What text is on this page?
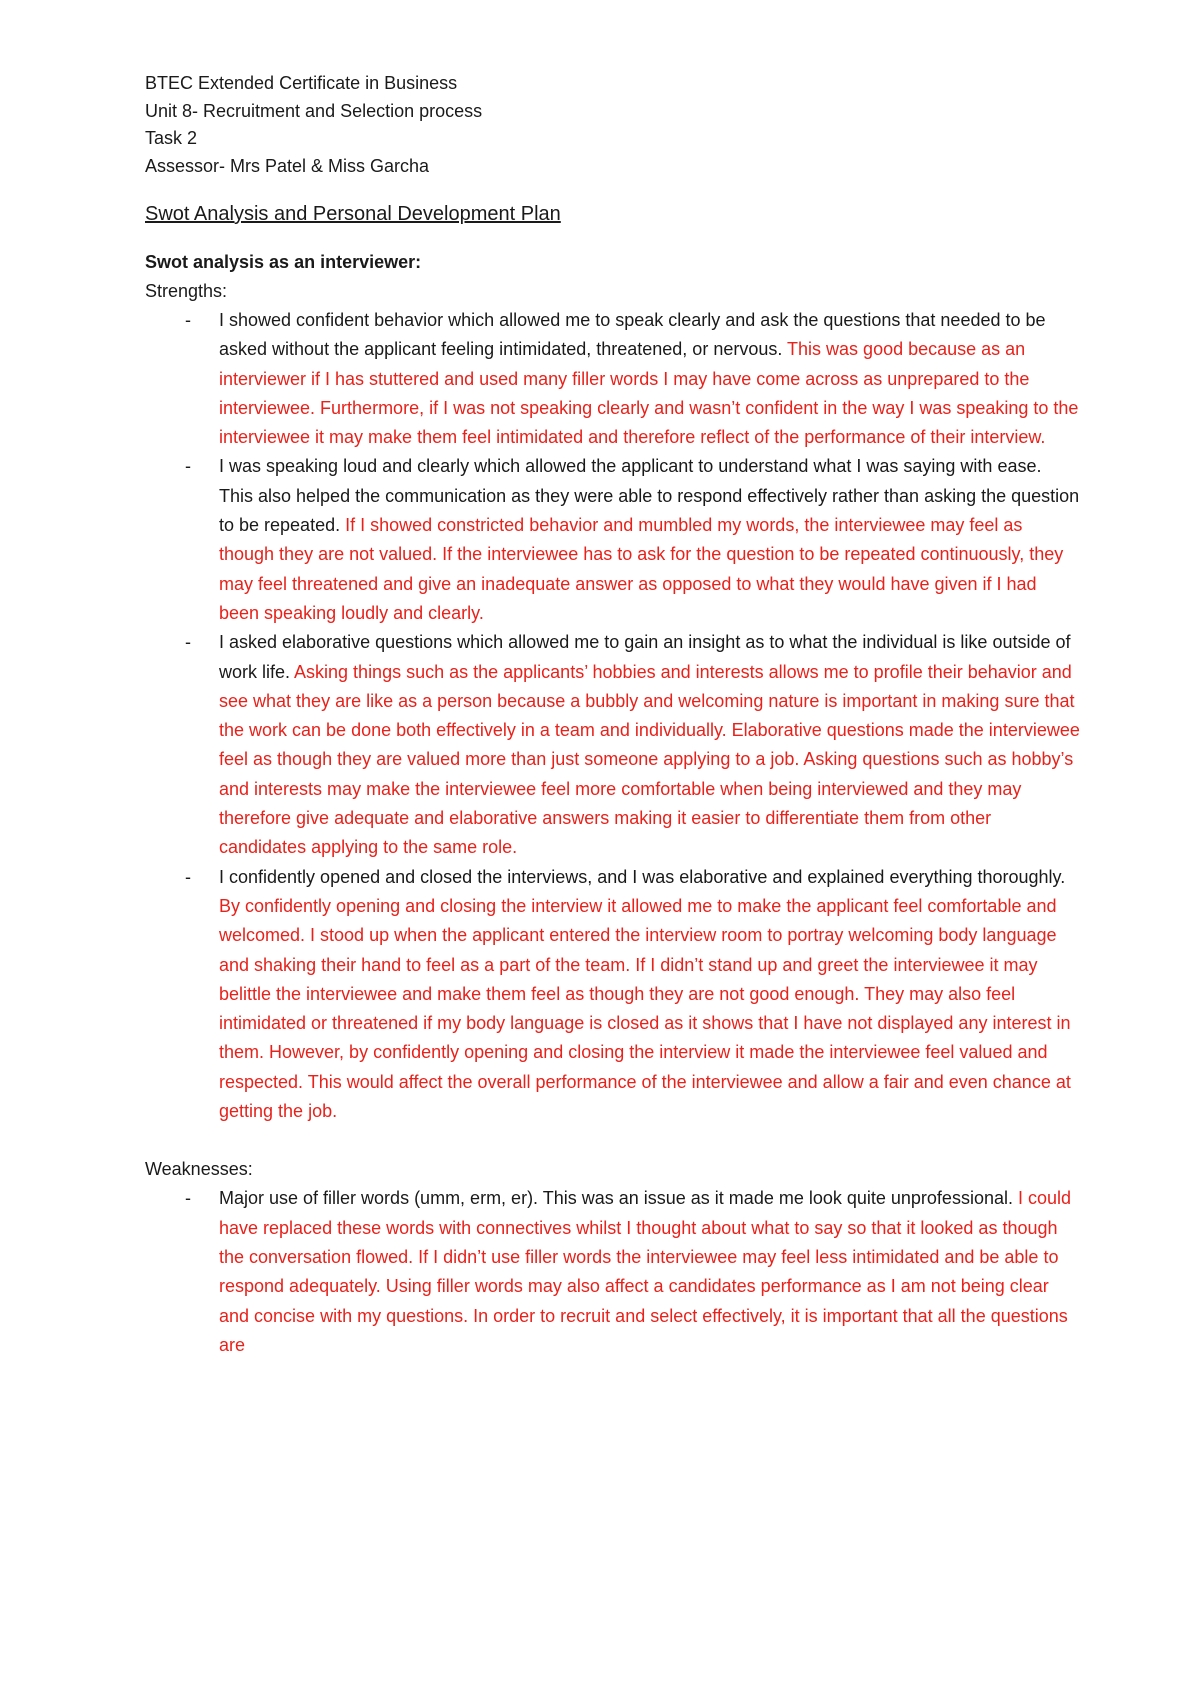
BTEC Extended Certificate in Business

Unit 8- Recruitment and Selection process

Task 2

Assessor- Mrs Patel & Miss Garcha

Swot Analysis and Personal Development Plan

Swot analysis as an interviewer:

Strengths:

- I showed confident behavior which allowed me to speak clearly and ask the questions that needed to be asked without the applicant feeling intimidated, threatened, or nervous. This was good because as an interviewer if I has stuttered and used many filler words I may have come across as unprepared to the interviewee. Furthermore, if I was not speaking clearly and wasn’t confident in the way I was speaking to the interviewee it may make them feel intimidated and therefore reflect of the performance of their interview.
- I was speaking loud and clearly which allowed the applicant to understand what I was saying with ease. This also helped the communication as they were able to respond effectively rather than asking the question to be repeated. If I showed constricted behavior and mumbled my words, the interviewee may feel as though they are not valued. If the interviewee has to ask for the question to be repeated continuously, they may feel threatened and give an inadequate answer as opposed to what they would have given if I had been speaking loudly and clearly.
- I asked elaborative questions which allowed me to gain an insight as to what the individual is like outside of work life. Asking things such as the applicants’ hobbies and interests allows me to profile their behavior and see what they are like as a person because a bubbly and welcoming nature is important in making sure that the work can be done both effectively in a team and individually. Elaborative questions made the interviewee feel as though they are valued more than just someone applying to a job. Asking questions such as hobby’s and interests may make the interviewee feel more comfortable when being interviewed and they may therefore give adequate and elaborative answers making it easier to differentiate them from other candidates applying to the same role.
- I confidently opened and closed the interviews, and I was elaborative and explained everything thoroughly. By confidently opening and closing the interview it allowed me to make the applicant feel comfortable and welcomed. I stood up when the applicant entered the interview room to portray welcoming body language and shaking their hand to feel as a part of the team. If I didn’t stand up and greet the interviewee it may belittle the interviewee and make them feel as though they are not good enough. They may also feel intimidated or threatened if my body language is closed as it shows that I have not displayed any interest in them. However, by confidently opening and closing the interview it made the interviewee feel valued and respected. This would affect the overall performance of the interviewee and allow a fair and even chance at getting the job.

Weaknesses:

- Major use of filler words (umm, erm, er). This was an issue as it made me look quite unprofessional. I could have replaced these words with connectives whilst I thought about what to say so that it looked as though the conversation flowed. If I didn’t use filler words the interviewee may feel less intimidated and be able to respond adequately. Using filler words may also affect a candidates performance as I am not being clear and concise with my questions. In order to recruit and select effectively, it is important that all the questions are
